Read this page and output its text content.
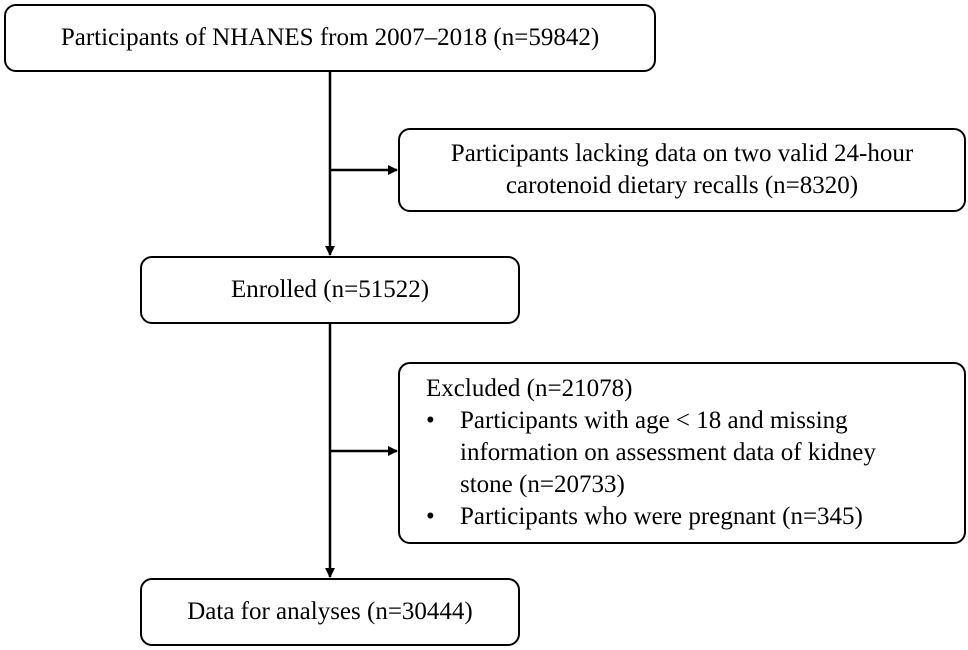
Participants of NHANES from 2007–2018 (n=59842)
Participants lacking data on two valid 24-hour
carotenoid dietary recalls (n=8320)
Enrolled (n=51522)
Excluded (n=21078)
• Participants with age < 18 and missing
information on assessment data of kidney
stone (n=20733)
• Participants who were pregnant (n=345)
Data for analyses (n=30444)
